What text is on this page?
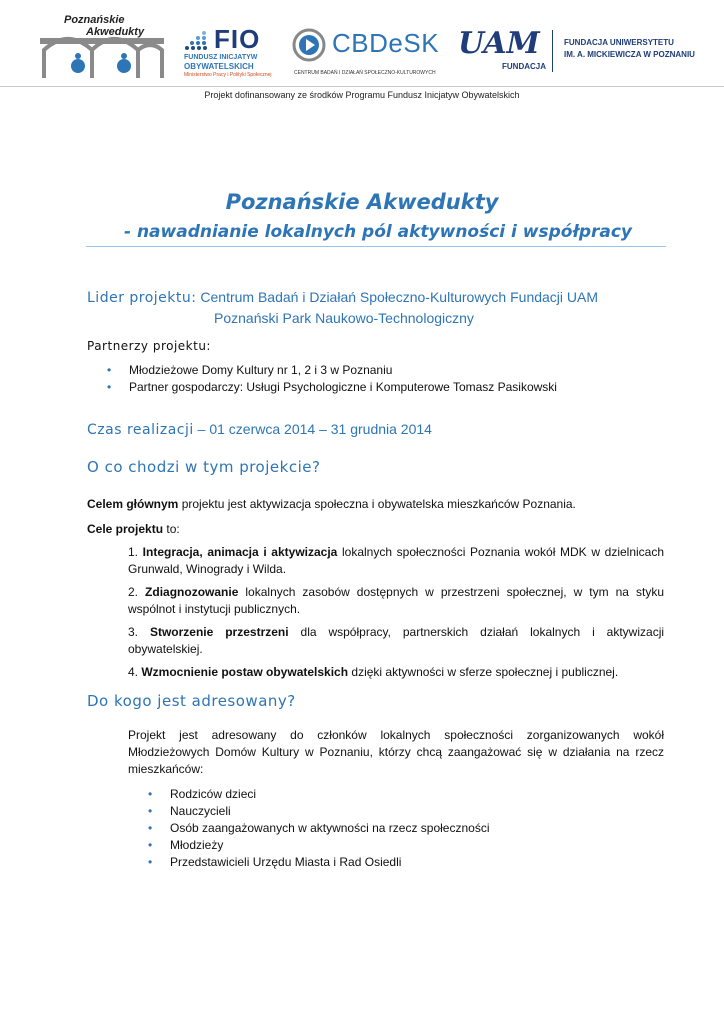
Poznańskie
Akwedukty	FIO
FUNDUSZ INICJATYW
OBYWATELSKICH
Ministerstwo Pracy i Polityki Społecznej
CBDeSK
CENTRUM BADAŃ I DZIAŁAŃ SPOŁECZNO-KULTUROWYCH
UAM
FUNDACJA
FUNDACJA UNIWERSYTETU
IM. A. MICKIEWICZA W POZNANIU
Projekt dofinansowany ze środków Programu Fundusz Inicjatyw Obywatelskich
Poznańskie Akwedukty
- nawadnianie lokalnych pól aktywności i współpracy
Lider projektu: Centrum Badań i Działań Społeczno-Kulturowych Fundacji UAM
Poznański Park Naukowo-Technologiczny
Partnerzy projektu:
• Młodzieżowe Domy Kultury nr 1, 2 i 3 w Poznaniu
• Partner gospodarczy: Usługi Psychologiczne i Komputerowe Tomasz Pasikowski
Czas realizacji – 01 czerwca 2014 – 31 grudnia 2014
O co chodzi w tym projekcie?
Celem głównym projektu jest aktywizacja społeczna i obywatelska mieszkańców Poznania.
Cele projektu to:
1. Integracja, animacja i aktywizacja lokalnych społeczności Poznania wokół MDK w dzielnicach Grunwald, Winogrady i Wilda.
2. Zdiagnozowanie lokalnych zasobów dostępnych w przestrzeni społecznej, w tym na styku wspólnot i instytucji publicznych.
3. Stworzenie przestrzeni dla współpracy, partnerskich działań lokalnych i aktywizacji obywatelskiej.
4. Wzmocnienie postaw obywatelskich dzięki aktywności w sferze społecznej i publicznej.
Do kogo jest adresowany?
Projekt jest adresowany do członków lokalnych społeczności zorganizowanych wokół Młodzieżowych Domów Kultury w Poznaniu, którzy chcą zaangażować się w działania na rzecz mieszkańców:
• Rodziców dzieci
• Nauczycieli
• Osób zaangażowanych w aktywności na rzecz społeczności
• Młodzieży
• Przedstawicieli Urzędu Miasta i Rad Osiedli
